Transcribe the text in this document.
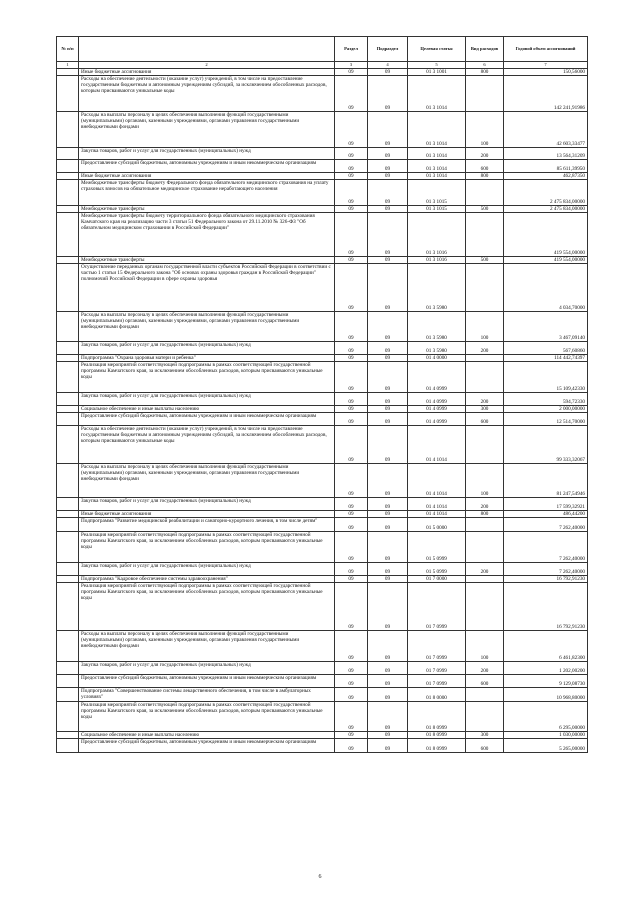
№ п/п		Раздел	Подраздел	Целевая статья	Вид расходов	Годовой объем ассигнований
1	2	3	4	5	6	7
	Иные бюджетные ассигнования	09	09	01 3 1001	800	150,56000
	Расходы на обеспечение деятельности (оказание услуг) учреждений, в том числе на предоставление государственным бюджетным и автономным учреждениям субсидий, за исключением обособленных расходов, которым присваиваются уникальные коды	09	09	01 3 1014		142 241,91986
	Расходы на выплаты персоналу в целях обеспечения выполнения функций государственными (муниципальными) органами, казенными учреждениями, органами управления государственными внебюджетными фондами	09	09	01 3 1014	100	42 603,33477
	Закупка товаров, работ и услуг для государственных (муниципальных) нужд	09	09	01 3 1014	200	13 564,31209
	Предоставление субсидий бюджетным, автономным учреждениям и иным некоммерческим организациям	09	09	01 3 1014	600	85 611,39950
	Иные бюджетные ассигнования	09	09	01 3 1014	800	462,87350
	Межбюджетные трансферты бюджету Федерального фонда обязательного медицинского страхования на уплату страховых взносов на обязательное медицинское страхование неработающего населения	09	09	01 3 1015		2 475 834,00000
	Межбюджетные трансферты	09	09	01 3 1015	500	2 475 834,00000
	Межбюджетные трансферты бюджету территориального фонда обязательного медицинского страхования Камчатского края на реализацию части 3 статьи 51 Федерального закона от 29.11.2010 № 326-ФЗ "Об обязательном медицинском страховании в Российской Федерации"	09	09	01 3 1016		419 554,00000
	Межбюджетные трансферты	09	09	01 3 1016	500	419 554,00000
	Осуществление переданных органам государственной власти субъектов Российской Федерации в соответствии с частью 1 статьи 15 Федерального закона "Об основах охраны здоровья граждан в Российской Федерации" полномочий Российской Федерации в сфере охраны здоровья	09	09	01 3 5980		4 034,70000
	Расходы на выплаты персоналу в целях обеспечения выполнения функций государственными (муниципальными) органами, казенными учреждениями, органами управления государственными внебюджетными фондами	09	09	01 3 5980	100	3 467,09140
	Закупка товаров, работ и услуг для государственных (муниципальных) нужд	09	09	01 3 5980	200	567,60860
	Подпрограмма "Охрана здоровья матери и ребенка"	09	09	01 4 0000		114 442,74397
	Реализация мероприятий соответствующей подпрограммы в рамках соответствующей государственной программы Камчатского края, за исключением обособленных расходов, которым присваиваются уникальные коды	09	09	01 4 0999		15 109,42330
	Закупка товаров, работ и услуг для государственных (муниципальных) нужд	09	09	01 4 0999	200	594,72330
	Социальное обеспечение и иные выплаты населению	09	09	01 4 0999	300	2 000,00000
	Предоставление субсидий бюджетным, автономным учреждениям и иным некоммерческим организациям	09	09	01 4 0999	600	12 514,70000
	Расходы на обеспечение деятельности (оказание услуг) учреждений, в том числе на предоставление государственным бюджетным и автономным учреждениям субсидий, за исключением обособленных расходов, которым присваиваются уникальные коды	09	09	01 4 1014		99 333,32067
	Расходы на выплаты персоналу в целях обеспечения выполнения функций государственными (муниципальными) органами, казенными учреждениями, органами управления государственными внебюджетными фондами	09	09	01 4 1014	100	81 247,54946
	Закупка товаров, работ и услуг для государственных (муниципальных) нужд	09	09	01 4 1014	200	17 599,32921
	Иные бюджетные ассигнования	09	09	01 4 1014	800	486,44200
	Подпрограмма "Развитие медицинской реабилитации и санаторно-курортного лечения, в том числе детям"	09	09	01 5 0000		7 262,40000
	Реализация мероприятий соответствующей подпрограммы в рамках соответствующей государственной программы Камчатского края, за исключением обособленных расходов, которым присваиваются уникальные коды	09	09	01 5 0999		7 262,40000
	Закупка товаров, работ и услуг для государственных (муниципальных) нужд	09	09	01 5 0999	200	7 262,40000
	Подпрограмма "Кадровое обеспечение системы здравоохранения"	09	09	01 7 0000		16 792,91230
	Реализация мероприятий соответствующей подпрограммы в рамках соответствующей государственной программы Камчатского края, за исключением обособленных расходов, которым присваиваются уникальные коды	09	09	01 7 0999		16 792,91230
	Расходы на выплаты персоналу в целях обеспечения выполнения функций государственными (муниципальными) органами, казенными учреждениями, органами управления государственными внебюджетными фондами	09	09	01 7 0999	100	6 461,82300
	Закупка товаров, работ и услуг для государственных (муниципальных) нужд	09	09	01 7 0999	200	1 202,00200
	Предоставление субсидий бюджетным, автономным учреждениям и иным некоммерческим организациям	09	09	01 7 0999	600	9 129,08730
	Подпрограмма "Совершенствование системы лекарственного обеспечения, в том числе в амбулаторных условиях"	09	09	01 8 0000		10 968,80000
	Реализация мероприятий соответствующей подпрограммы в рамках соответствующей государственной программы Камчатского края, за исключением обособленных расходов, которым присваиваются уникальные коды	09	09	01 8 0999		6 295,00000
	Социальное обеспечение и иные выплаты населению	09	09	01 8 0999	300	1 030,00000
	Предоставление субсидий бюджетным, автономным учреждениям и иным некоммерческим организациям	09	09	01 8 0999	600	5 265,00000
6
